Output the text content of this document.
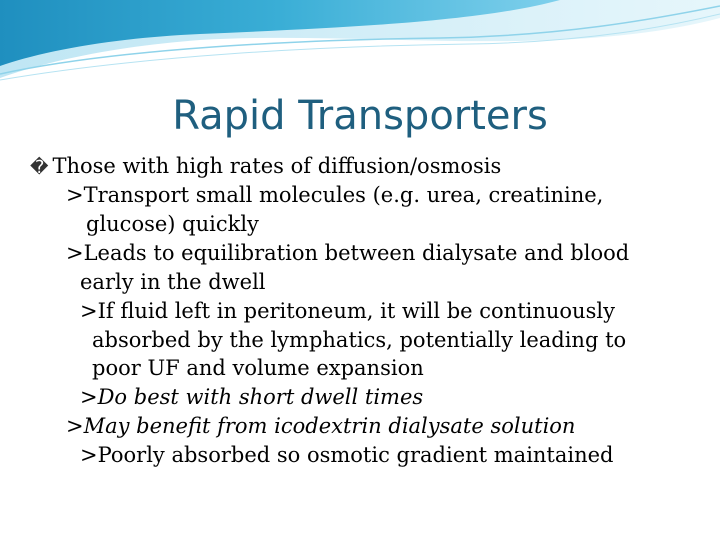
Rapid Transporters
� Those with high rates of diffusion/osmosis
>Transport small molecules (e.g. urea, creatinine,
glucose) quickly
>Leads to equilibration between dialysate and blood
early in the dwell
>If fluid left in peritoneum, it will be continuously
absorbed by the lymphatics, potentially leading to
poor UF and volume expansion
>Do best with short dwell times
>May benefit from icodextrin dialysate solution
>Poorly absorbed so osmotic gradient maintained
